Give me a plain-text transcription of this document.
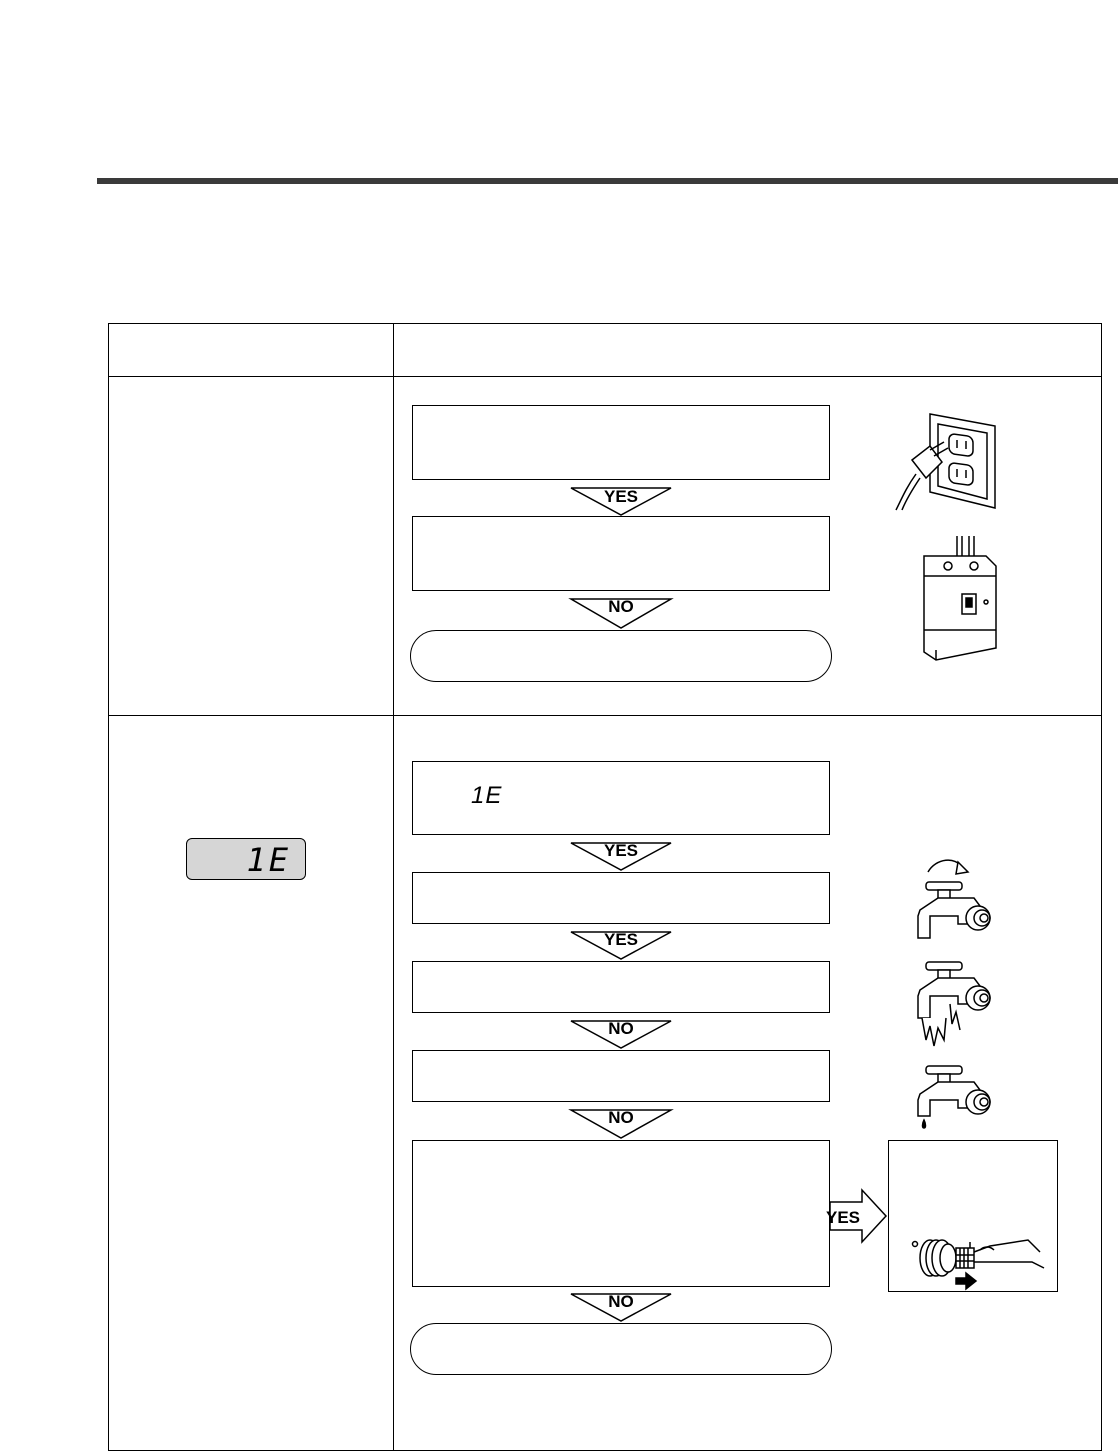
1E
1E
YES
NO
YES
YES
NO
NO
NO
YES
